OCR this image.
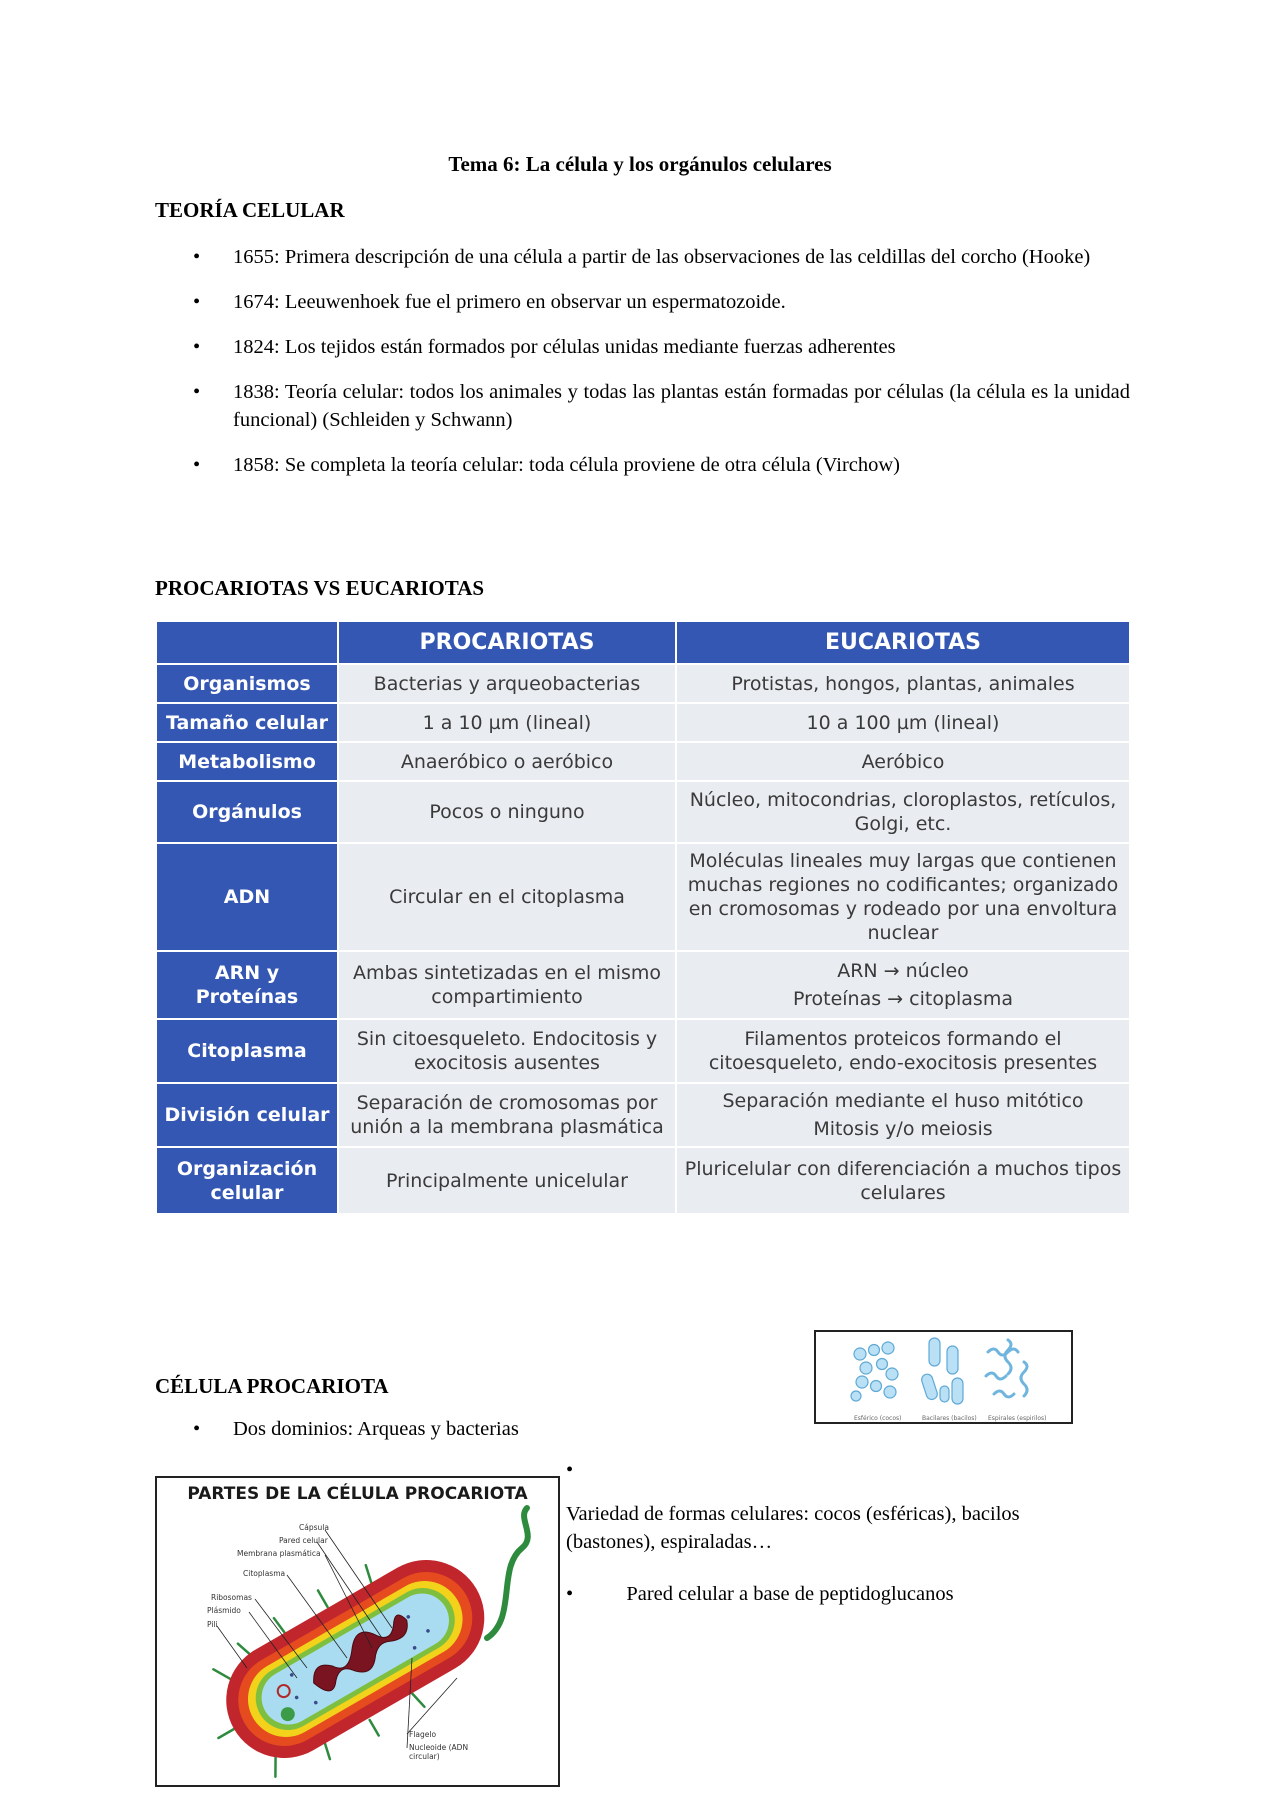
Tema 6: La célula y los orgánulos celulares
TEORÍA CELULAR
• 1655: Primera descripción de una célula a partir de las observaciones de las celdillas del corcho (Hooke)
• 1674: Leeuwenhoek fue el primero en observar un espermatozoide.
• 1824: Los tejidos están formados por células unidas mediante fuerzas adherentes
• 1838: Teoría celular: todos los animales y todas las plantas están formadas por células (la célula es la unidad funcional) (Schleiden y Schwann)
• 1858: Se completa la teoría celular: toda célula proviene de otra célula (Virchow)
PROCARIOTAS VS EUCARIOTAS
	PROCARIOTAS	EUCARIOTAS
Organismos	Bacterias y arqueobacterias	Protistas, hongos, plantas, animales

Tamaño celular	1 a 10 µm (lineal)	10 a 100 µm (lineal)

Metabolismo	Anaeróbico o aeróbico	Aeróbico

Orgánulos	Pocos o ninguno	Núcleo, mitocondrias, cloroplastos, retículos, Golgi, etc.

ADN	Circular en el citoplasma	Moléculas lineales muy largas que contienen muchas regiones no codificantes; organizado en cromosomas y rodeado por una envoltura nuclear

ARN y Proteínas	Ambas sintetizadas en el mismo compartimiento	ARN → núcleo
Proteínas → citoplasma

Citoplasma	Sin citoesqueleto. Endocitosis y exocitosis ausentes	Filamentos proteicos formando el citoesqueleto, endo-exocitosis presentes

División celular	Separación de cromosomas por unión a la membrana plasmática	Separación mediante el huso mitótico
Mitosis y/o meiosis

Organización celular	Principalmente unicelular	Pluricelular con diferenciación a muchos tipos celulares
Esférico (cocos)	Bacilares (bacilos) Espirales (espirilos)
CÉLULA PROCARIOTA
• Dos dominios: Arqueas y bacterias
PARTES DE LA CÉLULA PROCARIOTA
Cápsula
Pared celular
Membrana plasmática
Citoplasma
Ribosomas
Plásmido
Pili
Flagelo
Nucleoide (ADN circular)
•
Variedad de formas celulares: cocos (esféricas), bacilos (bastones), espiraladas…
•	Pared celular a base de peptidoglucanos
